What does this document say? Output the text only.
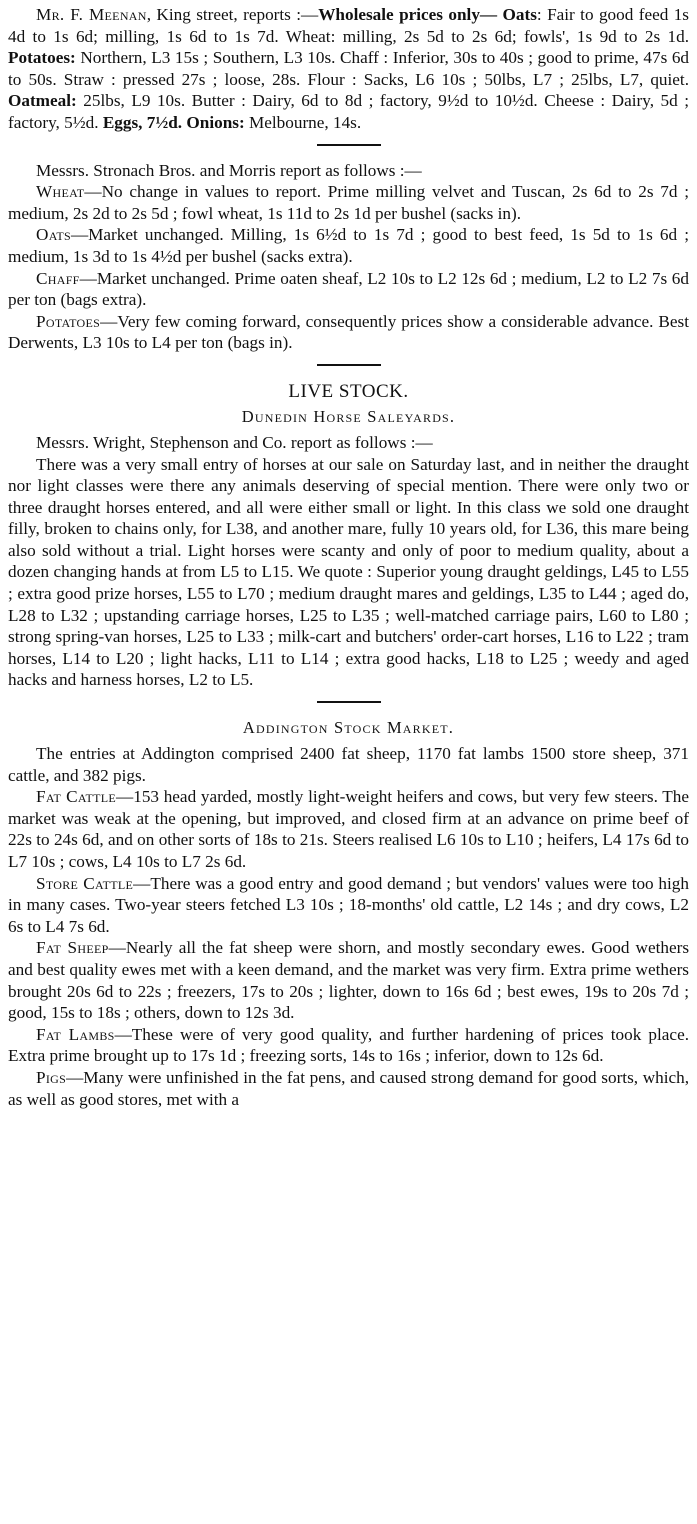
Mr. F. Meenan, King street, reports :—Wholesale prices only— Oats: Fair to good feed 1s 4d to 1s 6d; milling, 1s 6d to 1s 7d. Wheat: milling, 2s 5d to 2s 6d; fowls', 1s 9d to 2s 1d. Potatoes: Northern, L3 15s ; Southern, L3 10s. Chaff : Inferior, 30s to 40s ; good to prime, 47s 6d to 50s. Straw : pressed 27s ; loose, 28s. Flour : Sacks, L6 10s ; 50lbs, L7 ; 25lbs, L7, quiet. Oatmeal: 25lbs, L9 10s. Butter : Dairy, 6d to 8d ; factory, 9½d to 10½d. Cheese : Dairy, 5d ; factory, 5½d. Eggs, 7½d. Onions: Melbourne, 14s.

Messrs. Stronach Bros. and Morris report as follows :—

Wheat—No change in values to report. Prime milling velvet and Tuscan, 2s 6d to 2s 7d ; medium, 2s 2d to 2s 5d ; fowl wheat, 1s 11d to 2s 1d per bushel (sacks in).

Oats—Market unchanged. Milling, 1s 6½d to 1s 7d ; good to best feed, 1s 5d to 1s 6d ; medium, 1s 3d to 1s 4½d per bushel (sacks extra).

Chaff—Market unchanged. Prime oaten sheaf, L2 10s to L2 12s 6d ; medium, L2 to L2 7s 6d per ton (bags extra).

Potatoes—Very few coming forward, consequently prices show a considerable advance. Best Derwents, L3 10s to L4 per ton (bags in).

LIVE STOCK.
Dunedin Horse Saleyards.

Messrs. Wright, Stephenson and Co. report as follows :—

There was a very small entry of horses at our sale on Saturday last, and in neither the draught nor light classes were there any animals deserving of special mention. There were only two or three draught horses entered, and all were either small or light. In this class we sold one draught filly, broken to chains only, for L38, and another mare, fully 10 years old, for L36, this mare being also sold without a trial. Light horses were scanty and only of poor to medium quality, about a dozen changing hands at from L5 to L15. We quote : Superior young draught geldings, L45 to L55 ; extra good prize horses, L55 to L70 ; medium draught mares and geldings, L35 to L44 ; aged do, L28 to L32 ; upstanding carriage horses, L25 to L35 ; well-matched carriage pairs, L60 to L80 ; strong spring-van horses, L25 to L33 ; milk-cart and butchers' order-cart horses, L16 to L22 ; tram horses, L14 to L20 ; light hacks, L11 to L14 ; extra good hacks, L18 to L25 ; weedy and aged hacks and harness horses, L2 to L5.

Addington Stock Market.

The entries at Addington comprised 2400 fat sheep, 1170 fat lambs 1500 store sheep, 371 cattle, and 382 pigs.

Fat Cattle—153 head yarded, mostly light-weight heifers and cows, but very few steers. The market was weak at the opening, but improved, and closed firm at an advance on prime beef of 22s to 24s 6d, and on other sorts of 18s to 21s. Steers realised L6 10s to L10 ; heifers, L4 17s 6d to L7 10s ; cows, L4 10s to L7 2s 6d.

Store Cattle—There was a good entry and good demand ; but vendors' values were too high in many cases. Two-year steers fetched L3 10s ; 18-months' old cattle, L2 14s ; and dry cows, L2 6s to L4 7s 6d.

Fat Sheep—Nearly all the fat sheep were shorn, and mostly secondary ewes. Good wethers and best quality ewes met with a keen demand, and the market was very firm. Extra prime wethers brought 20s 6d to 22s ; freezers, 17s to 20s ; lighter, down to 16s 6d ; best ewes, 19s to 20s 7d ; good, 15s to 18s ; others, down to 12s 3d.

Fat Lambs—These were of very good quality, and further hardening of prices took place. Extra prime brought up to 17s 1d ; freezing sorts, 14s to 16s ; inferior, down to 12s 6d.

Pigs—Many were unfinished in the fat pens, and caused strong demand for good sorts, which, as well as good stores, met with a
